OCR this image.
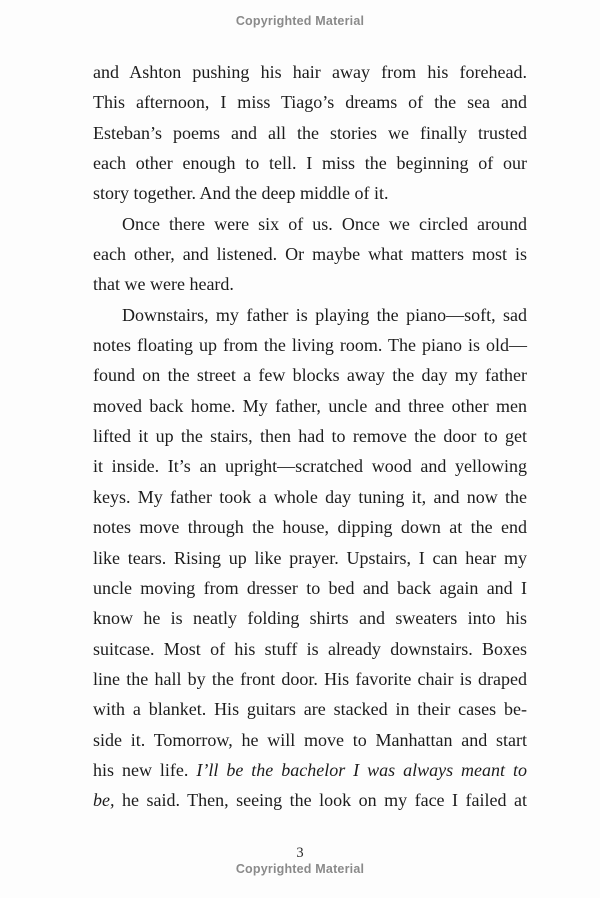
Copyrighted Material
and Ashton pushing his hair away from his forehead.
This afternoon, I miss Tiago’s dreams of the sea and
Esteban’s poems and all the stories we finally trusted
each other enough to tell. I miss the beginning of our
story together. And the deep middle of it.
Once there were six of us. Once we circled around
each other, and listened. Or maybe what matters most is
that we were heard.
Downstairs, my father is playing the piano—soft, sad
notes floating up from the living room. The piano is old—
found on the street a few blocks away the day my father
moved back home. My father, uncle and three other men
lifted it up the stairs, then had to remove the door to get
it inside. It’s an upright—scratched wood and yellowing
keys. My father took a whole day tuning it, and now the
notes move through the house, dipping down at the end
like tears. Rising up like prayer. Upstairs, I can hear my
uncle moving from dresser to bed and back again and I
know he is neatly folding shirts and sweaters into his
suitcase. Most of his stuff is already downstairs. Boxes
line the hall by the front door. His favorite chair is draped
with a blanket. His guitars are stacked in their cases be-
side it. Tomorrow, he will move to Manhattan and start
his new life. I’ll be the bachelor I was always meant to
be, he said. Then, seeing the look on my face I failed at
3
Copyrighted Material
